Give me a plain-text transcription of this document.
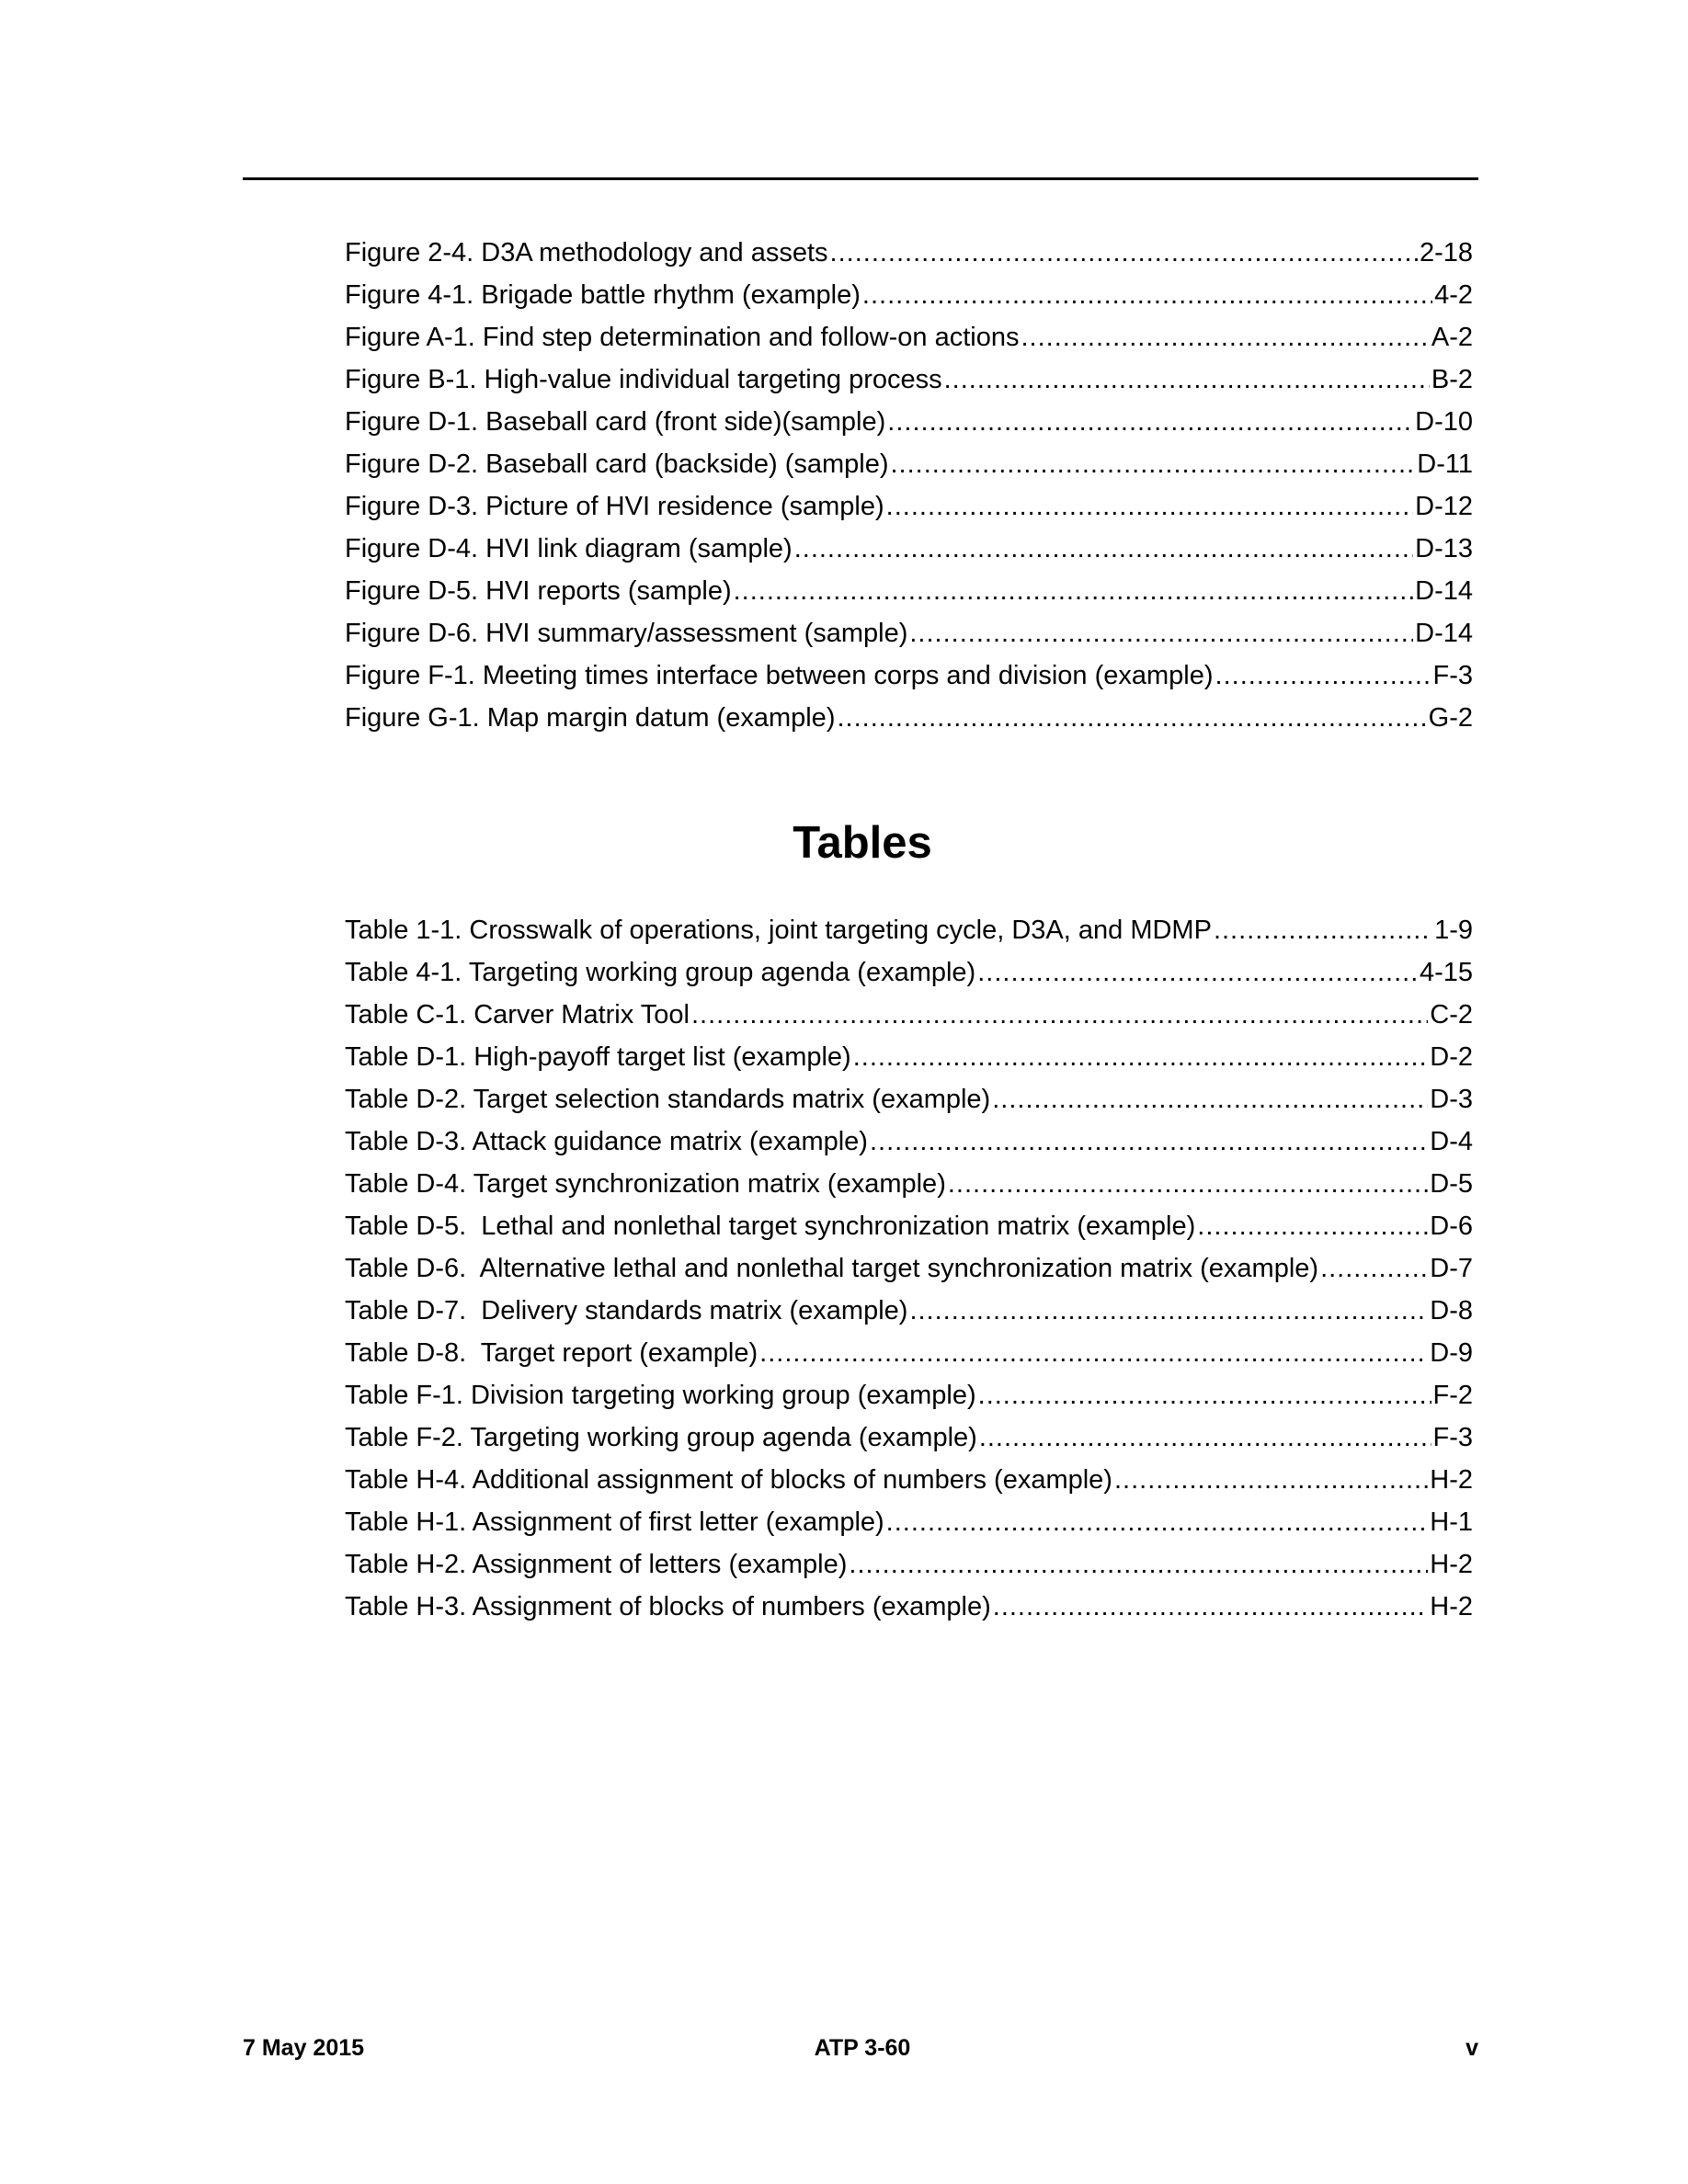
Figure 2-4. D3A methodology and assets .....	2-18
Figure 4-1. Brigade battle rhythm (example) .....	4-2
Figure A-1. Find step determination and follow-on actions .....	A-2
Figure B-1. High-value individual targeting process .....	B-2
Figure D-1. Baseball card (front side)(sample) .....	D-10
Figure D-2. Baseball card (backside) (sample) .....	D-11
Figure D-3. Picture of HVI residence (sample) .....	D-12
Figure D-4. HVI link diagram (sample) .....	D-13
Figure D-5. HVI reports (sample) .....	D-14
Figure D-6. HVI summary/assessment (sample) .....	D-14
Figure F-1. Meeting times interface between corps and division (example) .....	F-3
Figure G-1. Map margin datum (example) .....	G-2
Tables
Table 1-1. Crosswalk of operations, joint targeting cycle, D3A, and MDMP .....	1-9
Table 4-1. Targeting working group agenda (example) .....	4-15
Table C-1. Carver Matrix Tool .....	C-2
Table D-1. High-payoff target list (example) .....	D-2
Table D-2. Target selection standards matrix (example) .....	D-3
Table D-3. Attack guidance matrix (example) .....	D-4
Table D-4. Target synchronization matrix (example) .....	D-5
Table D-5.  Lethal and nonlethal target synchronization matrix (example) .....	D-6
Table D-6.  Alternative lethal and nonlethal target synchronization matrix (example) .....	D-7
Table D-7.  Delivery standards matrix (example) .....	D-8
Table D-8.  Target report (example) .....	D-9
Table F-1. Division targeting working group (example) .....	F-2
Table F-2. Targeting working group agenda (example) .....	F-3
Table H-4. Additional assignment of blocks of numbers (example) .....	H-2
Table H-1. Assignment of first letter (example) .....	H-1
Table H-2. Assignment of letters (example) .....	H-2
Table H-3. Assignment of blocks of numbers (example) .....	H-2
7 May 2015	ATP 3-60	v
